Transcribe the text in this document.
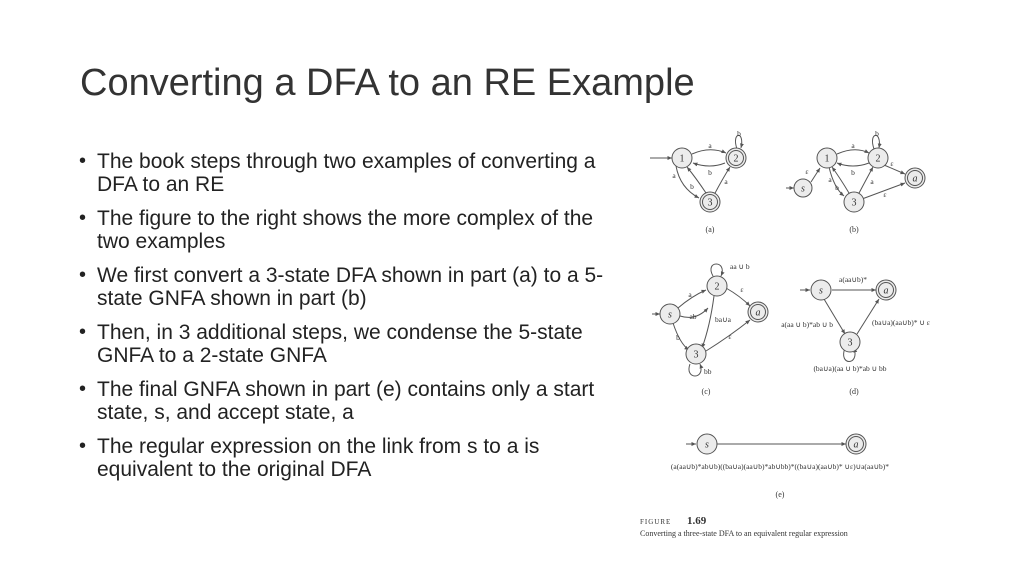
Converting a DFA to an RE Example
• The book steps through two examples of converting a DFA to an RE
• The figure to the right shows the more complex of the two examples
• We first convert a 3-state DFA shown in part (a) to a 5-state GNFA shown in part (b)
• Then, in 3 additional steps, we condense the 5-state GNFA to a 2-state GNFA
• The final GNFA shown in part (e) contains only a start state, s, and accept state, a
• The regular expression on the link from s to a is equivalent to the original DFA
1	2
3
a
b
b
a
b
a
(a)
s
1	2
3
a
ε
a
b
b
a
b
a
ε
ε
(b)
s
2
3
a
aa ∪ b
a
ab ba∪a
b
ε
ε
bb
(c)
s	a
3
a(aa∪b)*
a(aa ∪ b)*ab ∪ b	(ba∪a)(aa∪b)* ∪ ε
(ba∪a)(aa ∪ b)*ab ∪ bb
(d)
s	a
(a(aa∪b)*ab∪b)((ba∪a)(aa∪b)*ab∪bb)*((ba∪a)(aa∪b)* ∪ε)∪a(aa∪b)*
(e)
FIGURE 1.69
Converting a three-state DFA to an equivalent regular expression
